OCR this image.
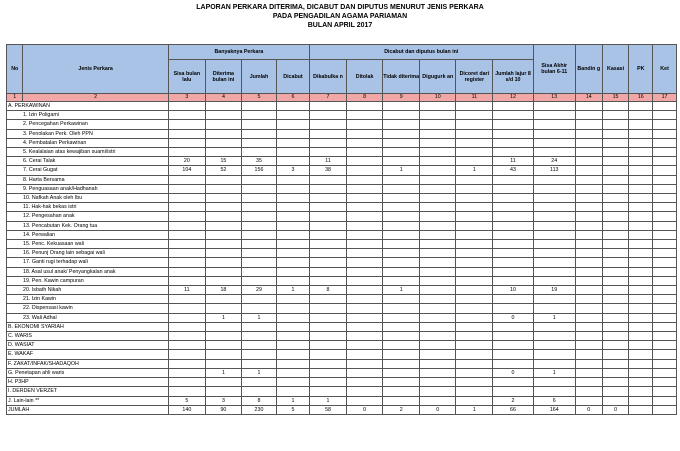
LAPORAN PERKARA DITERIMA, DICABUT DAN DIPUTUS MENURUT JENIS PERKARA
PADA PENGADILAN AGAMA PARIAMAN
BULAN APRIL 2017
No	Jenis Perkara	Banyaknya Perkara				Dicabut dan diputus bulan ini						Sisa Akhir bulan 6-11	Bandin g	Kasasi	PK	Ket
		Sisa bulan lalu	Diterima bulan ini	Jumlah	Dicabut	Dikabulka n	Ditolak	Tidak diterima	Digugurk an	Dicoret dari register	Jumlah lajur 8 s/d 10					
1	2	3	4	5	6	7	8	9	10	11	12	13	14	15	16	17
A. PERKAWINAN																
1. Izin Poligami																
2. Pencegahan Perkawinan																
3. Penolakan Perk. Oleh PPN																
4. Pembatalan Perkawinan																
5. Kealalaian atas kewajiban suami/istri																
6. Cerai Talak		20	15	35		11					11	24				
7. Cerai Gugat		104	52	156	3	38		1		1	43	113				
8. Harta Bersama																
9. Penguasaan anak/Hadhanah																
10. Nafkah Anak oleh Ibu																
11. Hak-hak bekas istri																
12. Pengesahan anak																
13. Pencabutan Kek. Orang tua																
14. Perwalian																
15. Penc. Kekuasaan wali																
16. Penunj Orang lain sebagai wali																
17. Ganti rugi terhadap wali																
18. Asal usul anak/ Penyangkalan anak																
19. Pen. Kawin campuran																
20. Isbath Nikah		11	18	29	1	8		1			10	19				
21. Izin Kawin																
22. Dispensasi kawin																
23. Wali Adhal			1	1							0	1				
B. EKONOMI SYARIAH																
C. WARIS																
D. WASIAT																
E. WAKAF																
F. ZAKAT/INFAK/SHADAQOH																
G. Penetapan ahli waris			1	1							0	1				
H. P3HP																
I. DERDEN VERZET																
J. Lain-lain **		5	3	8	1	1					2	6				
JUMLAH		140	90	230	5	58	0	2	0	1	66	164	0	0		
